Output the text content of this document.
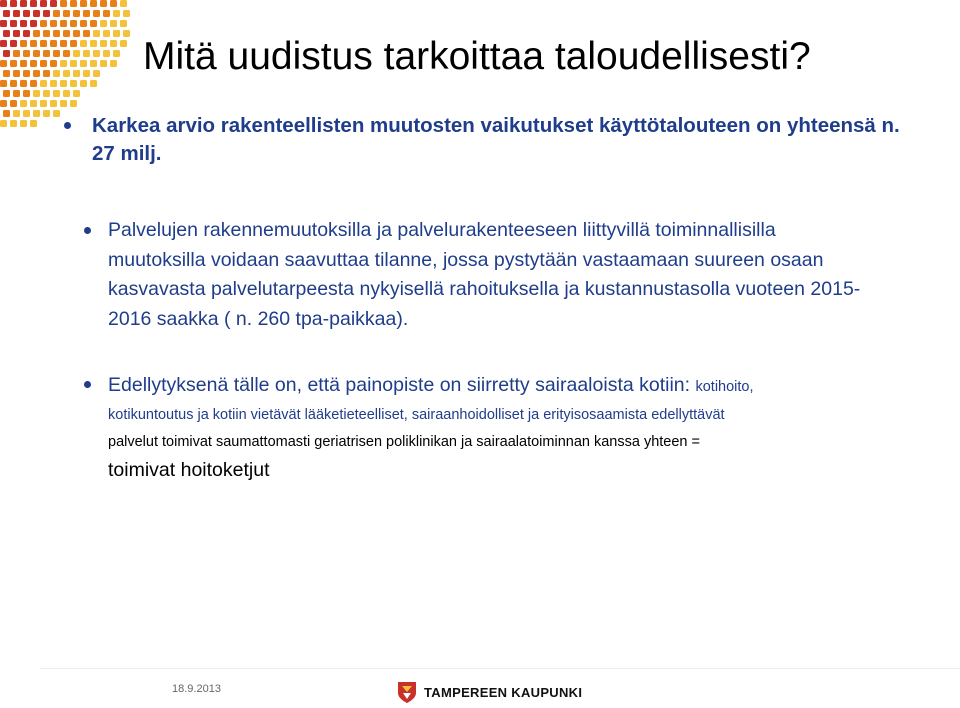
Mitä uudistus tarkoittaa taloudellisesti?
Karkea arvio rakenteellisten muutosten vaikutukset käyttötalouteen on yhteensä n. 27 milj.
Palvelujen rakennemuutoksilla ja palvelurakenteeseen liittyvillä toiminnallisilla muutoksilla voidaan saavuttaa tilanne, jossa pystytään vastaamaan suureen osaan kasvavasta palvelutarpeesta nykyisellä rahoituksella ja kustannustasolla vuoteen 2015-2016 saakka ( n. 260 tpa-paikkaa).
Edellytyksenä tälle on, että painopiste on siirretty sairaaloista kotiin: kotihoito,
kotikuntoutus ja kotiin vietävät lääketieteelliset, sairaanhoidolliset ja erityisosaamista edellyttävät
palvelut toimivat saumattomasti geriatrisen poliklinikan ja sairaalatoiminnan kanssa yhteen =
toimivat hoitoketjut
18.9.2013	TAMPEREEN KAUPUNKI
